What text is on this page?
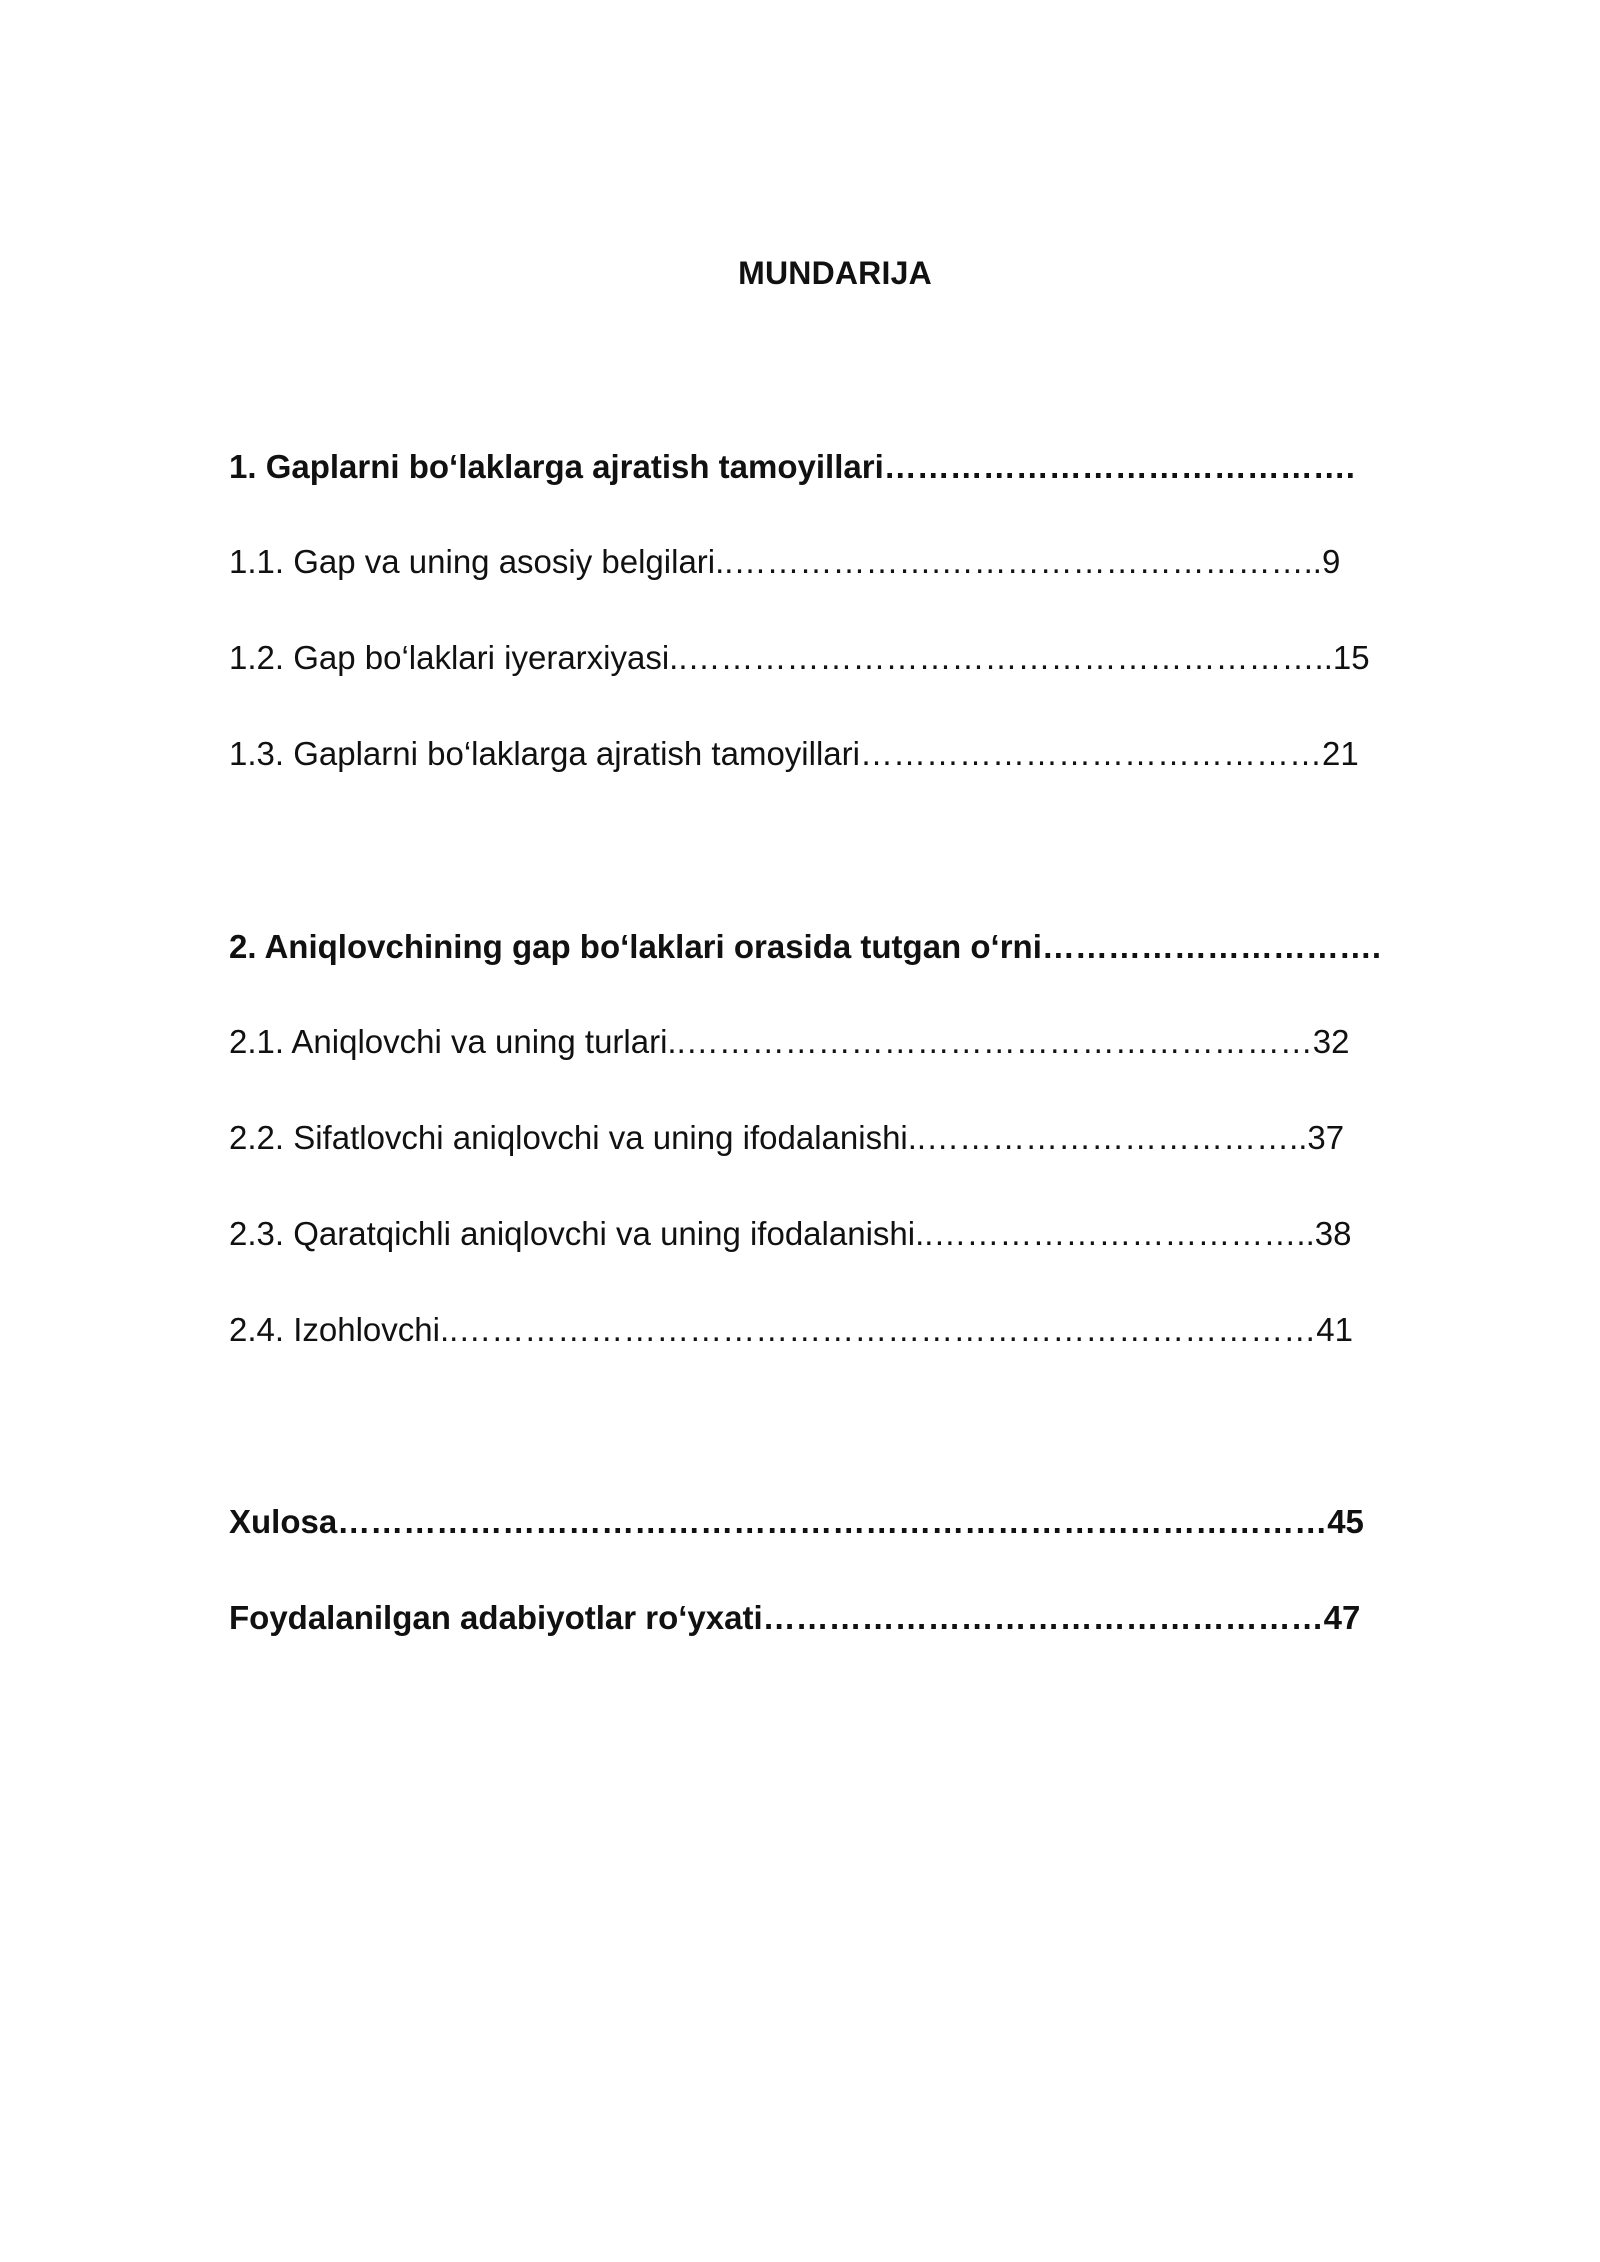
MUNDARIJA
1. Gaplarni bo‘laklarga ajratish tamoyillari…………………………………….
1.1. Gap va uning asosiy belgilari..……………….……………………………..9
1.2. Gap bo‘laklari iyerarxiyasi..…………………………………………………..15
1.3. Gaplarni bo‘laklarga ajratish tamoyillari……………………………………21
2. Aniqlovchining gap bo‘laklari orasida tutgan o‘rni………………………….
2.1. Aniqlovchi va uning turlari..…………………………………………………32
2.2. Sifatlovchi aniqlovchi va uning ifodalanishi..……………………………..37
2.3. Qaratqichli aniqlovchi va uning ifodalanishi..……………………………..38
2.4. Izohlovchi..……………………………………………………………………41
Xulosa………………………………………………………………………………45
Foydalanilgan adabiyotlar ro‘yxati……………………………………………47
